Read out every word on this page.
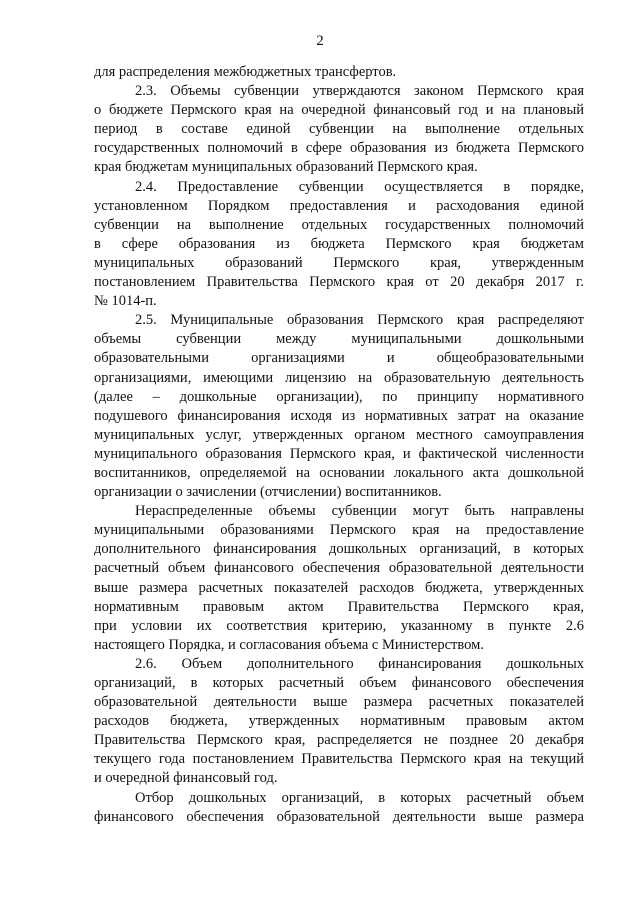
2
для распределения межбюджетных трансфертов.
2.3. Объемы субвенции утверждаются законом Пермского края
о бюджете Пермского края на очередной финансовый год и на плановый
период в составе единой субвенции на выполнение отдельных
государственных полномочий в сфере образования из бюджета Пермского
края бюджетам муниципальных образований Пермского края.
2.4. Предоставление субвенции осуществляется в порядке,
установленном Порядком предоставления и расходования единой
субвенции на выполнение отдельных государственных полномочий
в сфере образования из бюджета Пермского края бюджетам
муниципальных образований Пермского края, утвержденным
постановлением Правительства Пермского края от 20 декабря 2017 г.
№ 1014-п.
2.5. Муниципальные образования Пермского края распределяют
объемы субвенции между муниципальными дошкольными
образовательными организациями и общеобразовательными
организациями, имеющими лицензию на образовательную деятельность
(далее – дошкольные организации), по принципу нормативного
подушевого финансирования исходя из нормативных затрат на оказание
муниципальных услуг, утвержденных органом местного самоуправления
муниципального образования Пермского края, и фактической численности
воспитанников, определяемой на основании локального акта дошкольной
организации о зачислении (отчислении) воспитанников.
Нераспределенные объемы субвенции могут быть направлены
муниципальными образованиями Пермского края на предоставление
дополнительного финансирования дошкольных организаций, в которых
расчетный объем финансового обеспечения образовательной деятельности
выше размера расчетных показателей расходов бюджета, утвержденных
нормативным правовым актом Правительства Пермского края,
при условии их соответствия критерию, указанному в пункте 2.6
настоящего Порядка, и согласования объема с Министерством.
2.6. Объем дополнительного финансирования дошкольных
организаций, в которых расчетный объем финансового обеспечения
образовательной деятельности выше размера расчетных показателей
расходов бюджета, утвержденных нормативным правовым актом
Правительства Пермского края, распределяется не позднее 20 декабря
текущего года постановлением Правительства Пермского края на текущий
и очередной финансовый год.
Отбор дошкольных организаций, в которых расчетный объем
финансового обеспечения образовательной деятельности выше размера
